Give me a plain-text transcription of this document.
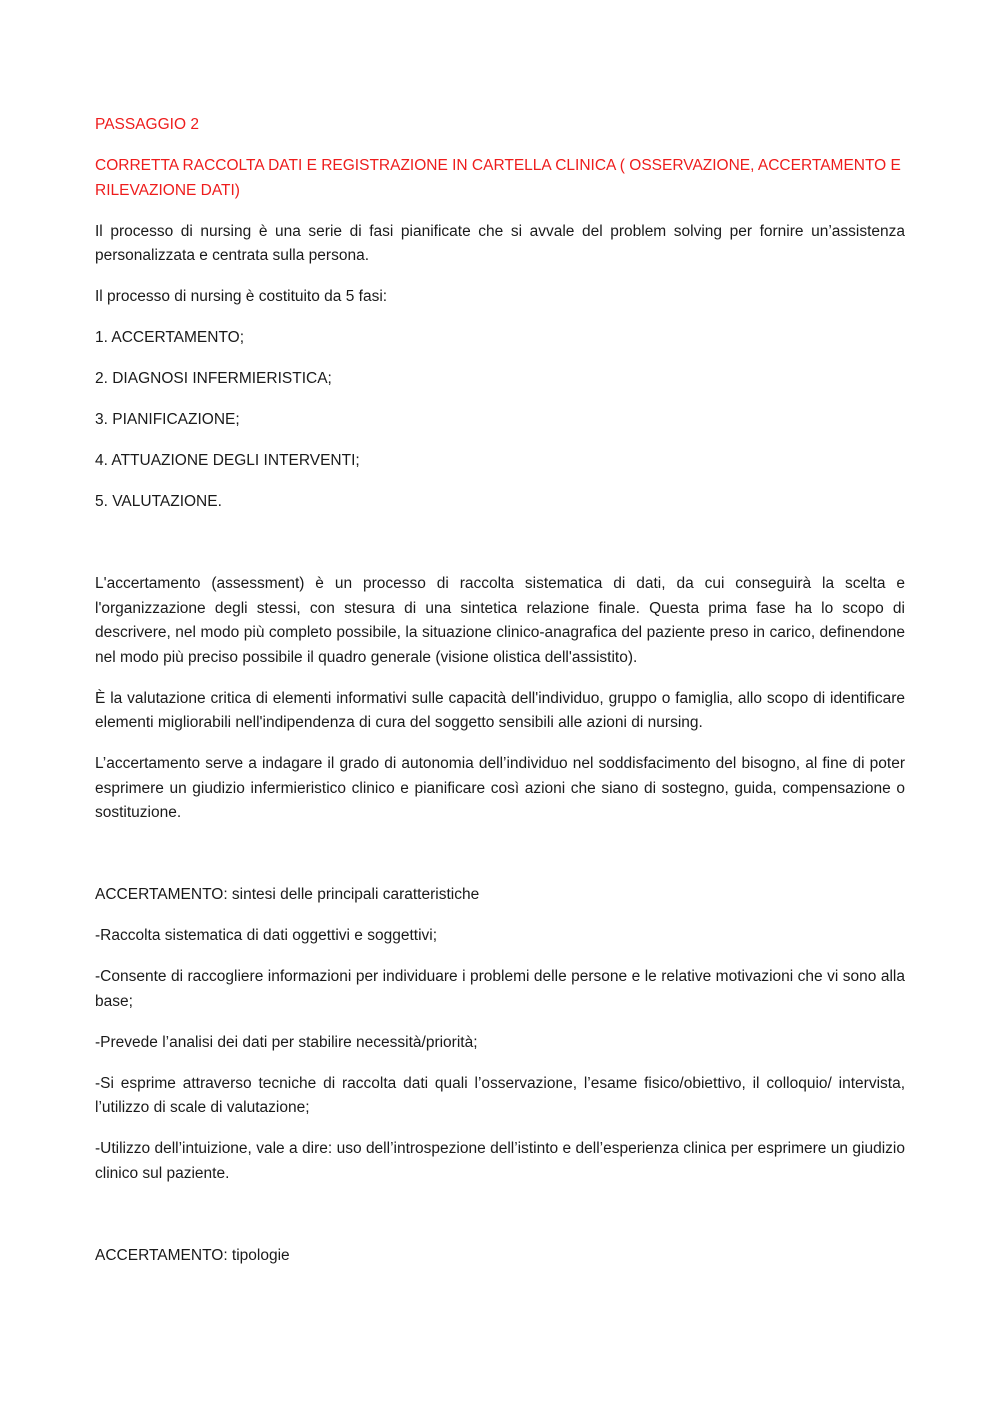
PASSAGGIO 2

CORRETTA RACCOLTA DATI E REGISTRAZIONE IN CARTELLA CLINICA ( OSSERVAZIONE, ACCERTAMENTO E RILEVAZIONE DATI)

Il processo di nursing è una serie di fasi pianificate che si avvale del problem solving per fornire un’assistenza personalizzata e centrata sulla persona.

Il processo di nursing è costituito da 5 fasi:

1. ACCERTAMENTO;

2. DIAGNOSI INFERMIERISTICA;

3. PIANIFICAZIONE;

4. ATTUAZIONE DEGLI INTERVENTI;

5. VALUTAZIONE.

L'accertamento (assessment) è un processo di raccolta sistematica di dati, da cui conseguirà la scelta e l'organizzazione degli stessi, con stesura di una sintetica relazione finale. Questa prima fase ha lo scopo di descrivere, nel modo più completo possibile, la situazione clinico-anagrafica del paziente preso in carico, definendone nel modo più preciso possibile il quadro generale (visione olistica dell'assistito).

È la valutazione critica di elementi informativi sulle capacità dell'individuo, gruppo o famiglia, allo scopo di identificare elementi migliorabili nell'indipendenza di cura del soggetto sensibili alle azioni di nursing.

L’accertamento serve a indagare il grado di autonomia dell’individuo nel soddisfacimento del bisogno, al fine di poter esprimere un giudizio infermieristico clinico e pianificare così azioni che siano di sostegno, guida, compensazione o sostituzione.

ACCERTAMENTO: sintesi delle principali caratteristiche

-Raccolta sistematica di dati oggettivi e soggettivi;

-Consente di raccogliere informazioni per individuare i problemi delle persone e le relative motivazioni che vi sono alla base;

-Prevede l’analisi dei dati per stabilire necessità/priorità;

-Si esprime attraverso tecniche di raccolta dati quali l’osservazione, l’esame fisico/obiettivo, il colloquio/ intervista, l’utilizzo di scale di valutazione;

-Utilizzo dell’intuizione, vale a dire: uso dell’introspezione dell’istinto e dell’esperienza clinica per esprimere un giudizio clinico sul paziente.

ACCERTAMENTO: tipologie
